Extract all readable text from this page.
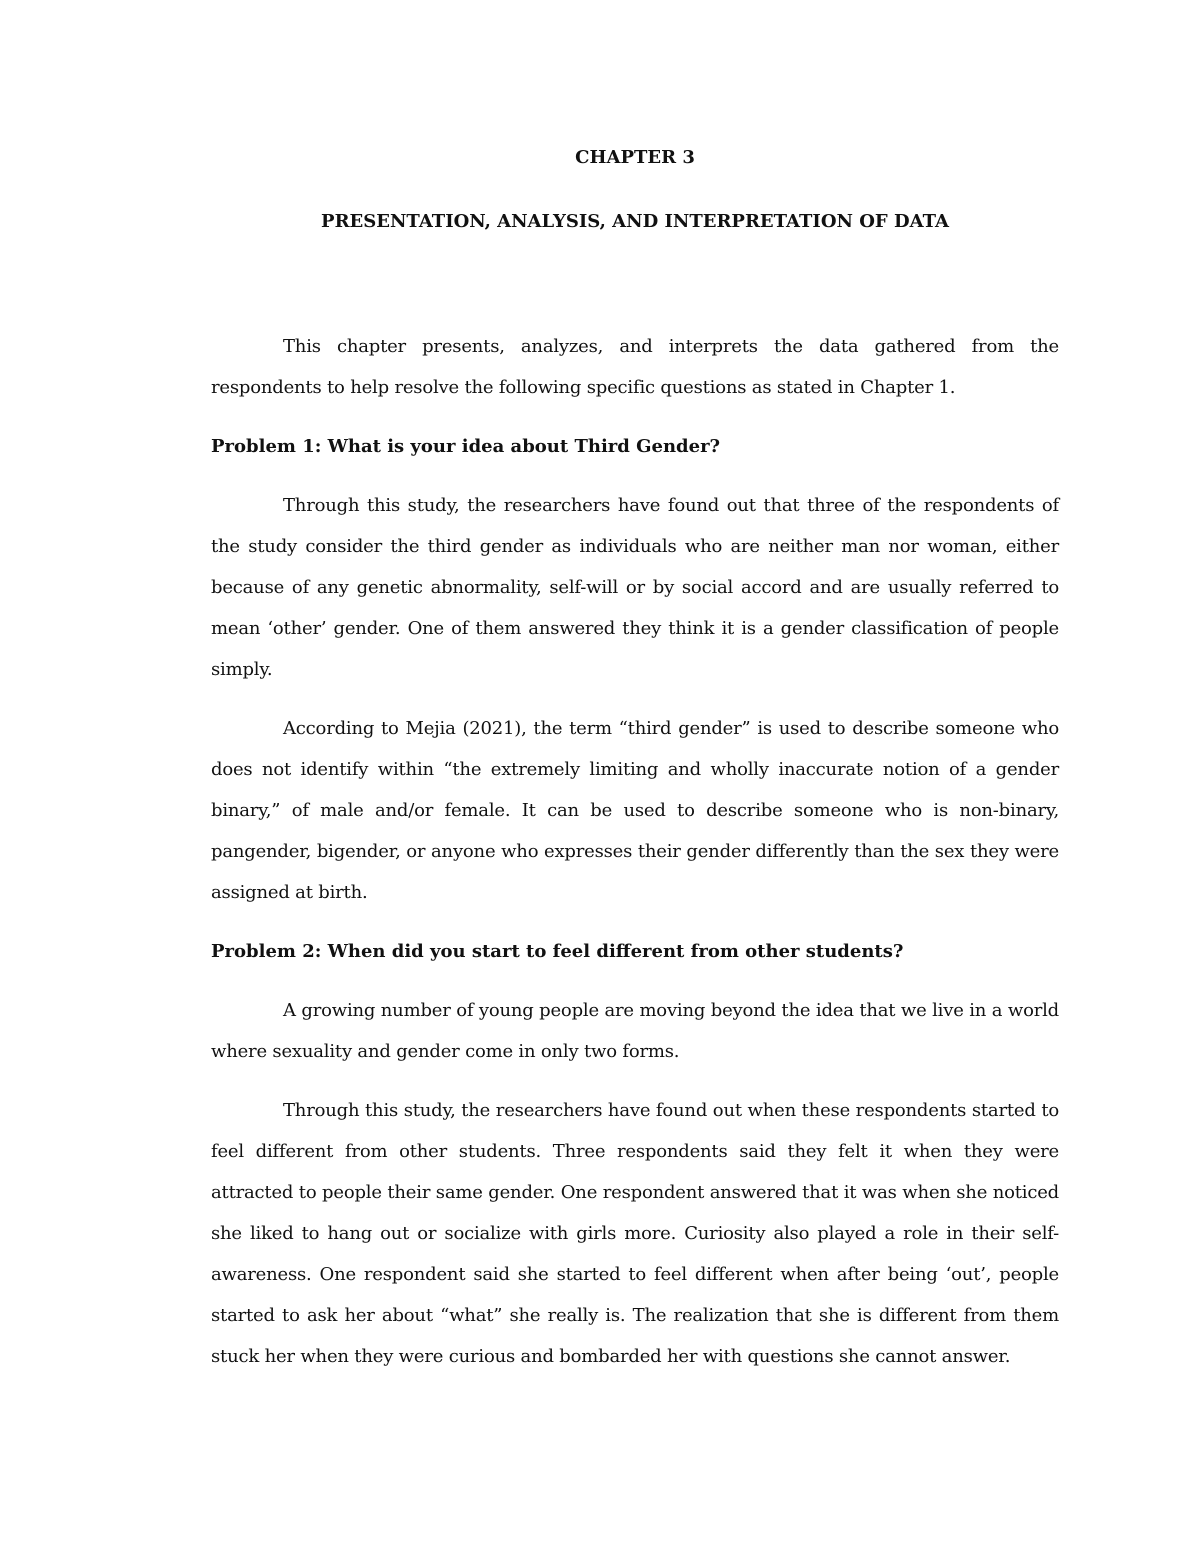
CHAPTER 3
PRESENTATION, ANALYSIS, AND INTERPRETATION OF DATA

This chapter presents, analyzes, and interprets the data gathered from the respondents to help resolve the following specific questions as stated in Chapter 1.

Problem 1: What is your idea about Third Gender?

Through this study, the researchers have found out that three of the respondents of the study consider the third gender as individuals who are neither man nor woman, either because of any genetic abnormality, self-will or by social accord and are usually referred to mean ‘other’ gender. One of them answered they think it is a gender classification of people simply.

According to Mejia (2021), the term “third gender” is used to describe someone who does not identify within “the extremely limiting and wholly inaccurate notion of a gender binary,” of male and/or female. It can be used to describe someone who is non-binary, pangender, bigender, or anyone who expresses their gender differently than the sex they were assigned at birth.

Problem 2: When did you start to feel different from other students?

A growing number of young people are moving beyond the idea that we live in a world where sexuality and gender come in only two forms.

Through this study, the researchers have found out when these respondents started to feel different from other students. Three respondents said they felt it when they were attracted to people their same gender. One respondent answered that it was when she noticed she liked to hang out or socialize with girls more. Curiosity also played a role in their self-awareness. One respondent said she started to feel different when after being ‘out’, people started to ask her about “what” she really is. The realization that she is different from them stuck her when they were curious and bombarded her with questions she cannot answer.
